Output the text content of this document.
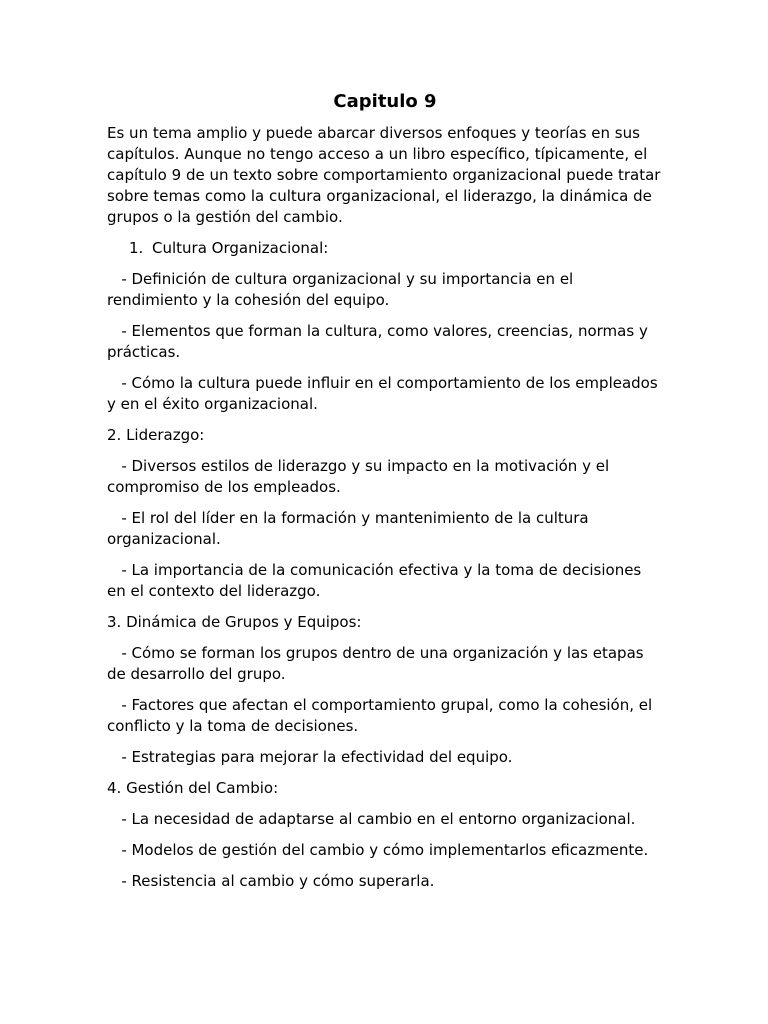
Capitulo 9

Es un tema amplio y puede abarcar diversos enfoques y teorías en sus capítulos. Aunque no tengo acceso a un libro específico, típicamente, el capítulo 9 de un texto sobre comportamiento organizacional puede tratar sobre temas como la cultura organizacional, el liderazgo, la dinámica de grupos o la gestión del cambio.

1. Cultura Organizacional:

- Definición de cultura organizacional y su importancia en el rendimiento y la cohesión del equipo.

- Elementos que forman la cultura, como valores, creencias, normas y prácticas.

- Cómo la cultura puede influir en el comportamiento de los empleados y en el éxito organizacional.

2. Liderazgo:

- Diversos estilos de liderazgo y su impacto en la motivación y el compromiso de los empleados.

- El rol del líder en la formación y mantenimiento de la cultura organizacional.

- La importancia de la comunicación efectiva y la toma de decisiones en el contexto del liderazgo.

3. Dinámica de Grupos y Equipos:

- Cómo se forman los grupos dentro de una organización y las etapas de desarrollo del grupo.

- Factores que afectan el comportamiento grupal, como la cohesión, el conflicto y la toma de decisiones.

- Estrategias para mejorar la efectividad del equipo.

4. Gestión del Cambio:

- La necesidad de adaptarse al cambio en el entorno organizacional.

- Modelos de gestión del cambio y cómo implementarlos eficazmente.

- Resistencia al cambio y cómo superarla.
